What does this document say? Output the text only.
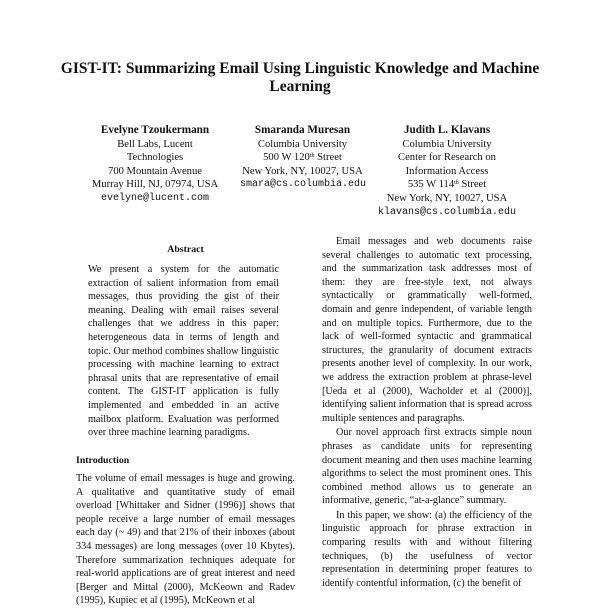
GIST-IT: Summarizing Email Using Linguistic Knowledge and Machine Learning
Evelyne Tzoukermann
Bell Labs, Lucent
Technologies
700 Mountain Avenue
Murray Hill, NJ, 07974, USA
evelyne@lucent.com
Smaranda Muresan
Columbia University
500 W 120th Street
New York, NY, 10027, USA
smara@cs.columbia.edu
Judith L. Klavans
Columbia University
Center for Research on
Information Access
535 W 114th Street
New York, NY, 10027, USA
klavans@cs.columbia.edu
Abstract

We present a system for the automatic extraction of salient information from email messages, thus providing the gist of their meaning. Dealing with email raises several challenges that we address in this paper: heterogeneous data in terms of length and topic. Our method combines shallow linguistic processing with machine learning to extract phrasal units that are representative of email content. The GIST-IT application is fully implemented and embedded in an active mailbox platform. Evaluation was performed over three machine learning paradigms.

Introduction

The volume of email messages is huge and growing. A qualitative and quantitative study of email overload [Whittaker and Sidner (1996)] shows that people receive a large number of email messages each day (~ 49) and that 21% of their inboxes (about 334 messages) are long messages (over 10 Kbytes). Therefore summarization techniques adequate for real-world applications are of great interest and need [Berger and Mittal (2000), McKeown and Radev (1995), Kupiec et al (1995), McKeown et al

Email messages and web documents raise several challenges to automatic text processing, and the summarization task addresses most of them: they are free-style text, not always syntactically or grammatically well-formed, domain and genre independent, of variable length and on multiple topics. Furthermore, due to the lack of well-formed syntactic and grammatical structures, the granularity of document extracts presents another level of complexity. In our work, we address the extraction problem at phrase-level [Ueda et al (2000), Wacholder et al (2000)], identifying salient information that is spread across multiple sentences and paragraphs.

Our novel approach first extracts simple noun phrases as candidate units for representing document meaning and then uses machine learning algorithms to select the most prominent ones. This combined method allows us to generate an informative, generic, “at-a-glance” summary.

In this paper, we show: (a) the efficiency of the linguistic approach for phrase extraction in comparing results with and without filtering techniques, (b) the usefulness of vector representation in determining proper features to identify contentful information, (c) the benefit of
